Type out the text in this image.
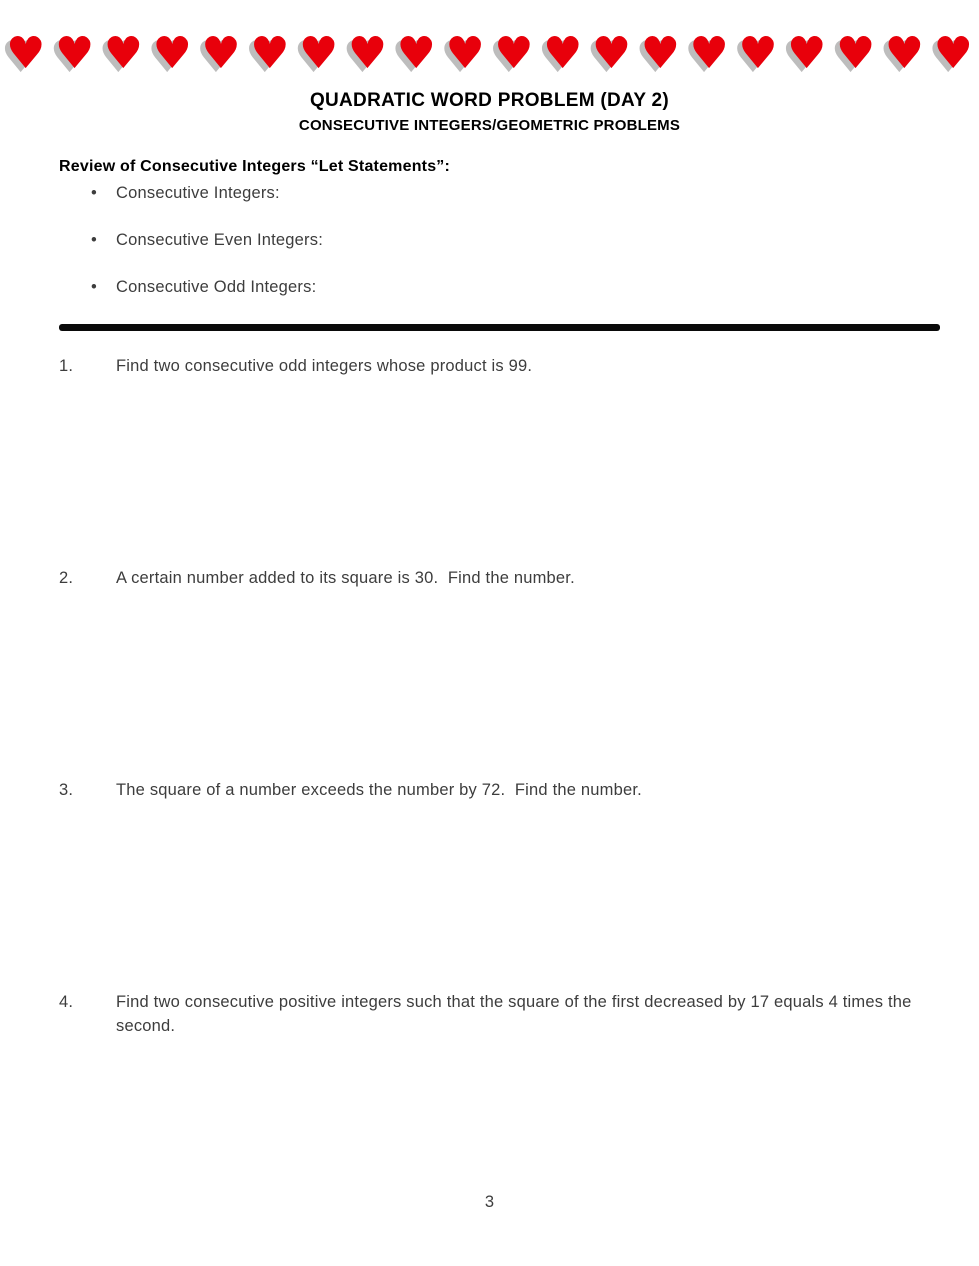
♥ ♥ ♥ ♥ ♥ ♥ ♥ ♥ ♥ ♥ ♥ ♥ ♥ ♥ ♥ ♥ ♥ ♥ ♥ ♥
QUADRATIC WORD PROBLEM (DAY 2)
CONSECUTIVE INTEGERS/GEOMETRIC PROBLEMS

Review of Consecutive Integers “Let Statements”:

•
Consecutive Integers:
•
Consecutive Even Integers:
•
Consecutive Odd Integers:
1.	Find two consecutive odd integers whose product is 99.
2.	A certain number added to its square is 30.  Find the number.
3.	The square of a number exceeds the number by 72.  Find the number.
4.	Find two consecutive positive integers such that the square of the first decreased by 17 equals 4 times the second.
3
